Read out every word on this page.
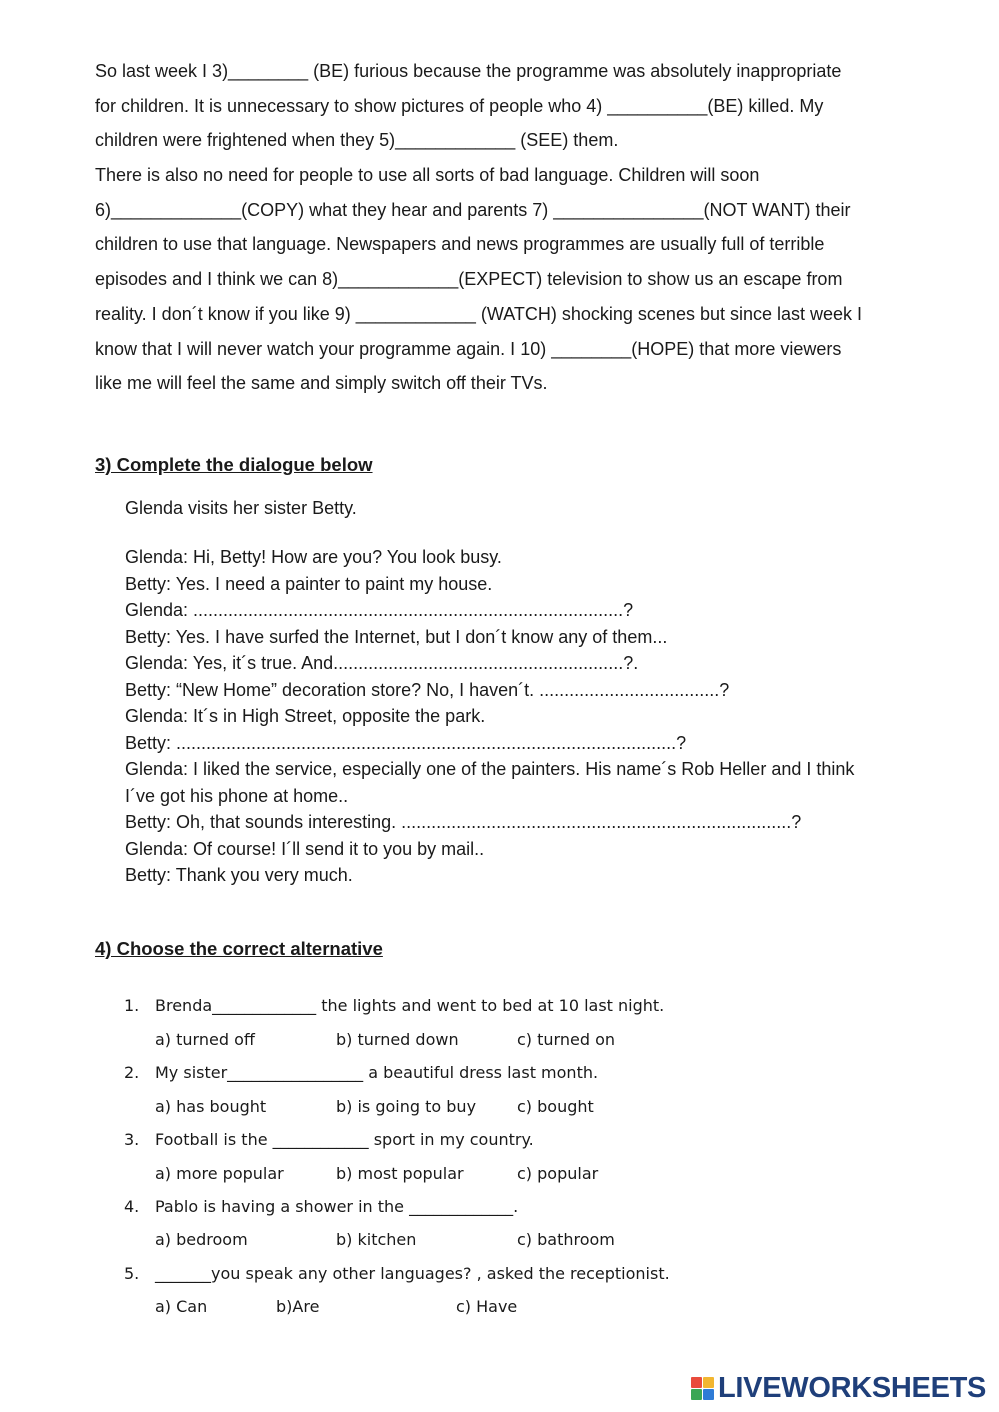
So last week I 3)________ (BE) furious because the programme was absolutely inappropriate
for children. It is unnecessary to show pictures of people who 4) __________(BE) killed. My
children were frightened when they 5)____________ (SEE) them.
There is also no need for people to use all sorts of bad language. Children will soon
6)_____________(COPY) what they hear and parents 7) _______________(NOT WANT) their
children to use that language. Newspapers and news programmes are usually full of terrible
episodes and I think we can 8)____________(EXPECT) television to show us an escape from
reality. I don´t know if you like 9) ____________ (WATCH) shocking scenes but since last week I
know that I will never watch your programme again. I 10) ________(HOPE) that more viewers
like me will feel the same and simply switch off their TVs.
3) Complete the dialogue below

Glenda visits her sister Betty.

Glenda: Hi, Betty! How are you? You look busy.
Betty: Yes. I need a painter to paint my house.
Glenda: ......................................................................................?
Betty: Yes. I have surfed the Internet, but I don´t know any of them...
Glenda: Yes, it´s true. And..........................................................?.
Betty: “New Home” decoration store? No, I haven´t. ....................................?
Glenda: It´s in High Street, opposite the park.
Betty: ....................................................................................................?
Glenda: I liked the service, especially one of the painters. His name´s Rob Heller and I think
I´ve got his phone at home..
Betty: Oh, that sounds interesting. ..............................................................................?
Glenda: Of course! I´ll send it to you by mail..
Betty: Thank you very much.
4) Choose the correct alternative
1. Brenda_____________ the lights and went to bed at 10 last night.
a) turned off	b) turned down	c) turned on
2. My sister_________________ a beautiful dress last month.
a) has bought	b) is going to buy	c) bought
3. Football is the ____________ sport in my country.
a) more popular	b) most popular	c) popular
4. Pablo is having a shower in the _____________.
a) bedroom	b) kitchen	c) bathroom
5. _______you speak any other languages? , asked the receptionist.
a) Can	b)Are	c) Have
LIVEWORKSHEETS
